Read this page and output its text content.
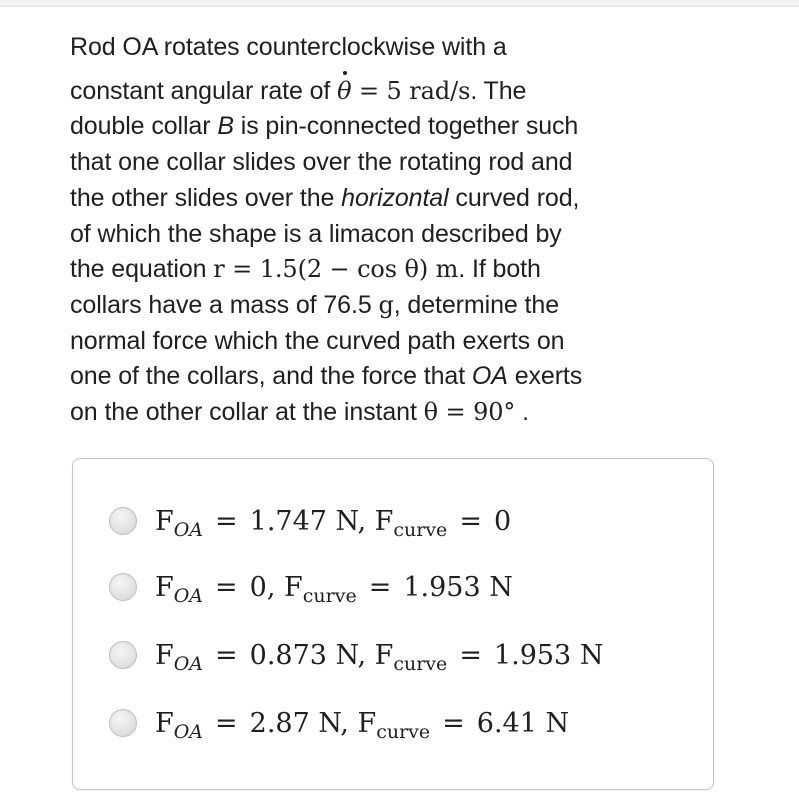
Rod OA rotates counterclockwise with a
constant angular rate of θ = 5 rad/s. The
double collar B is pin-connected together such
that one collar slides over the rotating rod and
the other slides over the horizontal curved rod,
of which the shape is a limacon described by
the equation r = 1.5(2 − cos θ) m. If both
collars have a mass of 76.5 g, determine the
normal force which the curved path exerts on
one of the collars, and the force that OA exerts
on the other collar at the instant θ = 90° .
$F_{OA} = 1.747$ N, $F_{curve} = 0$
$F_{OA} = 0$, $F_{curve} = 1.953$ N
$F_{OA} = 0.873$ N, $F_{curve} = 1.953$ N
$F_{OA} = 2.87$ N, $F_{curve} = 6.41$ N
